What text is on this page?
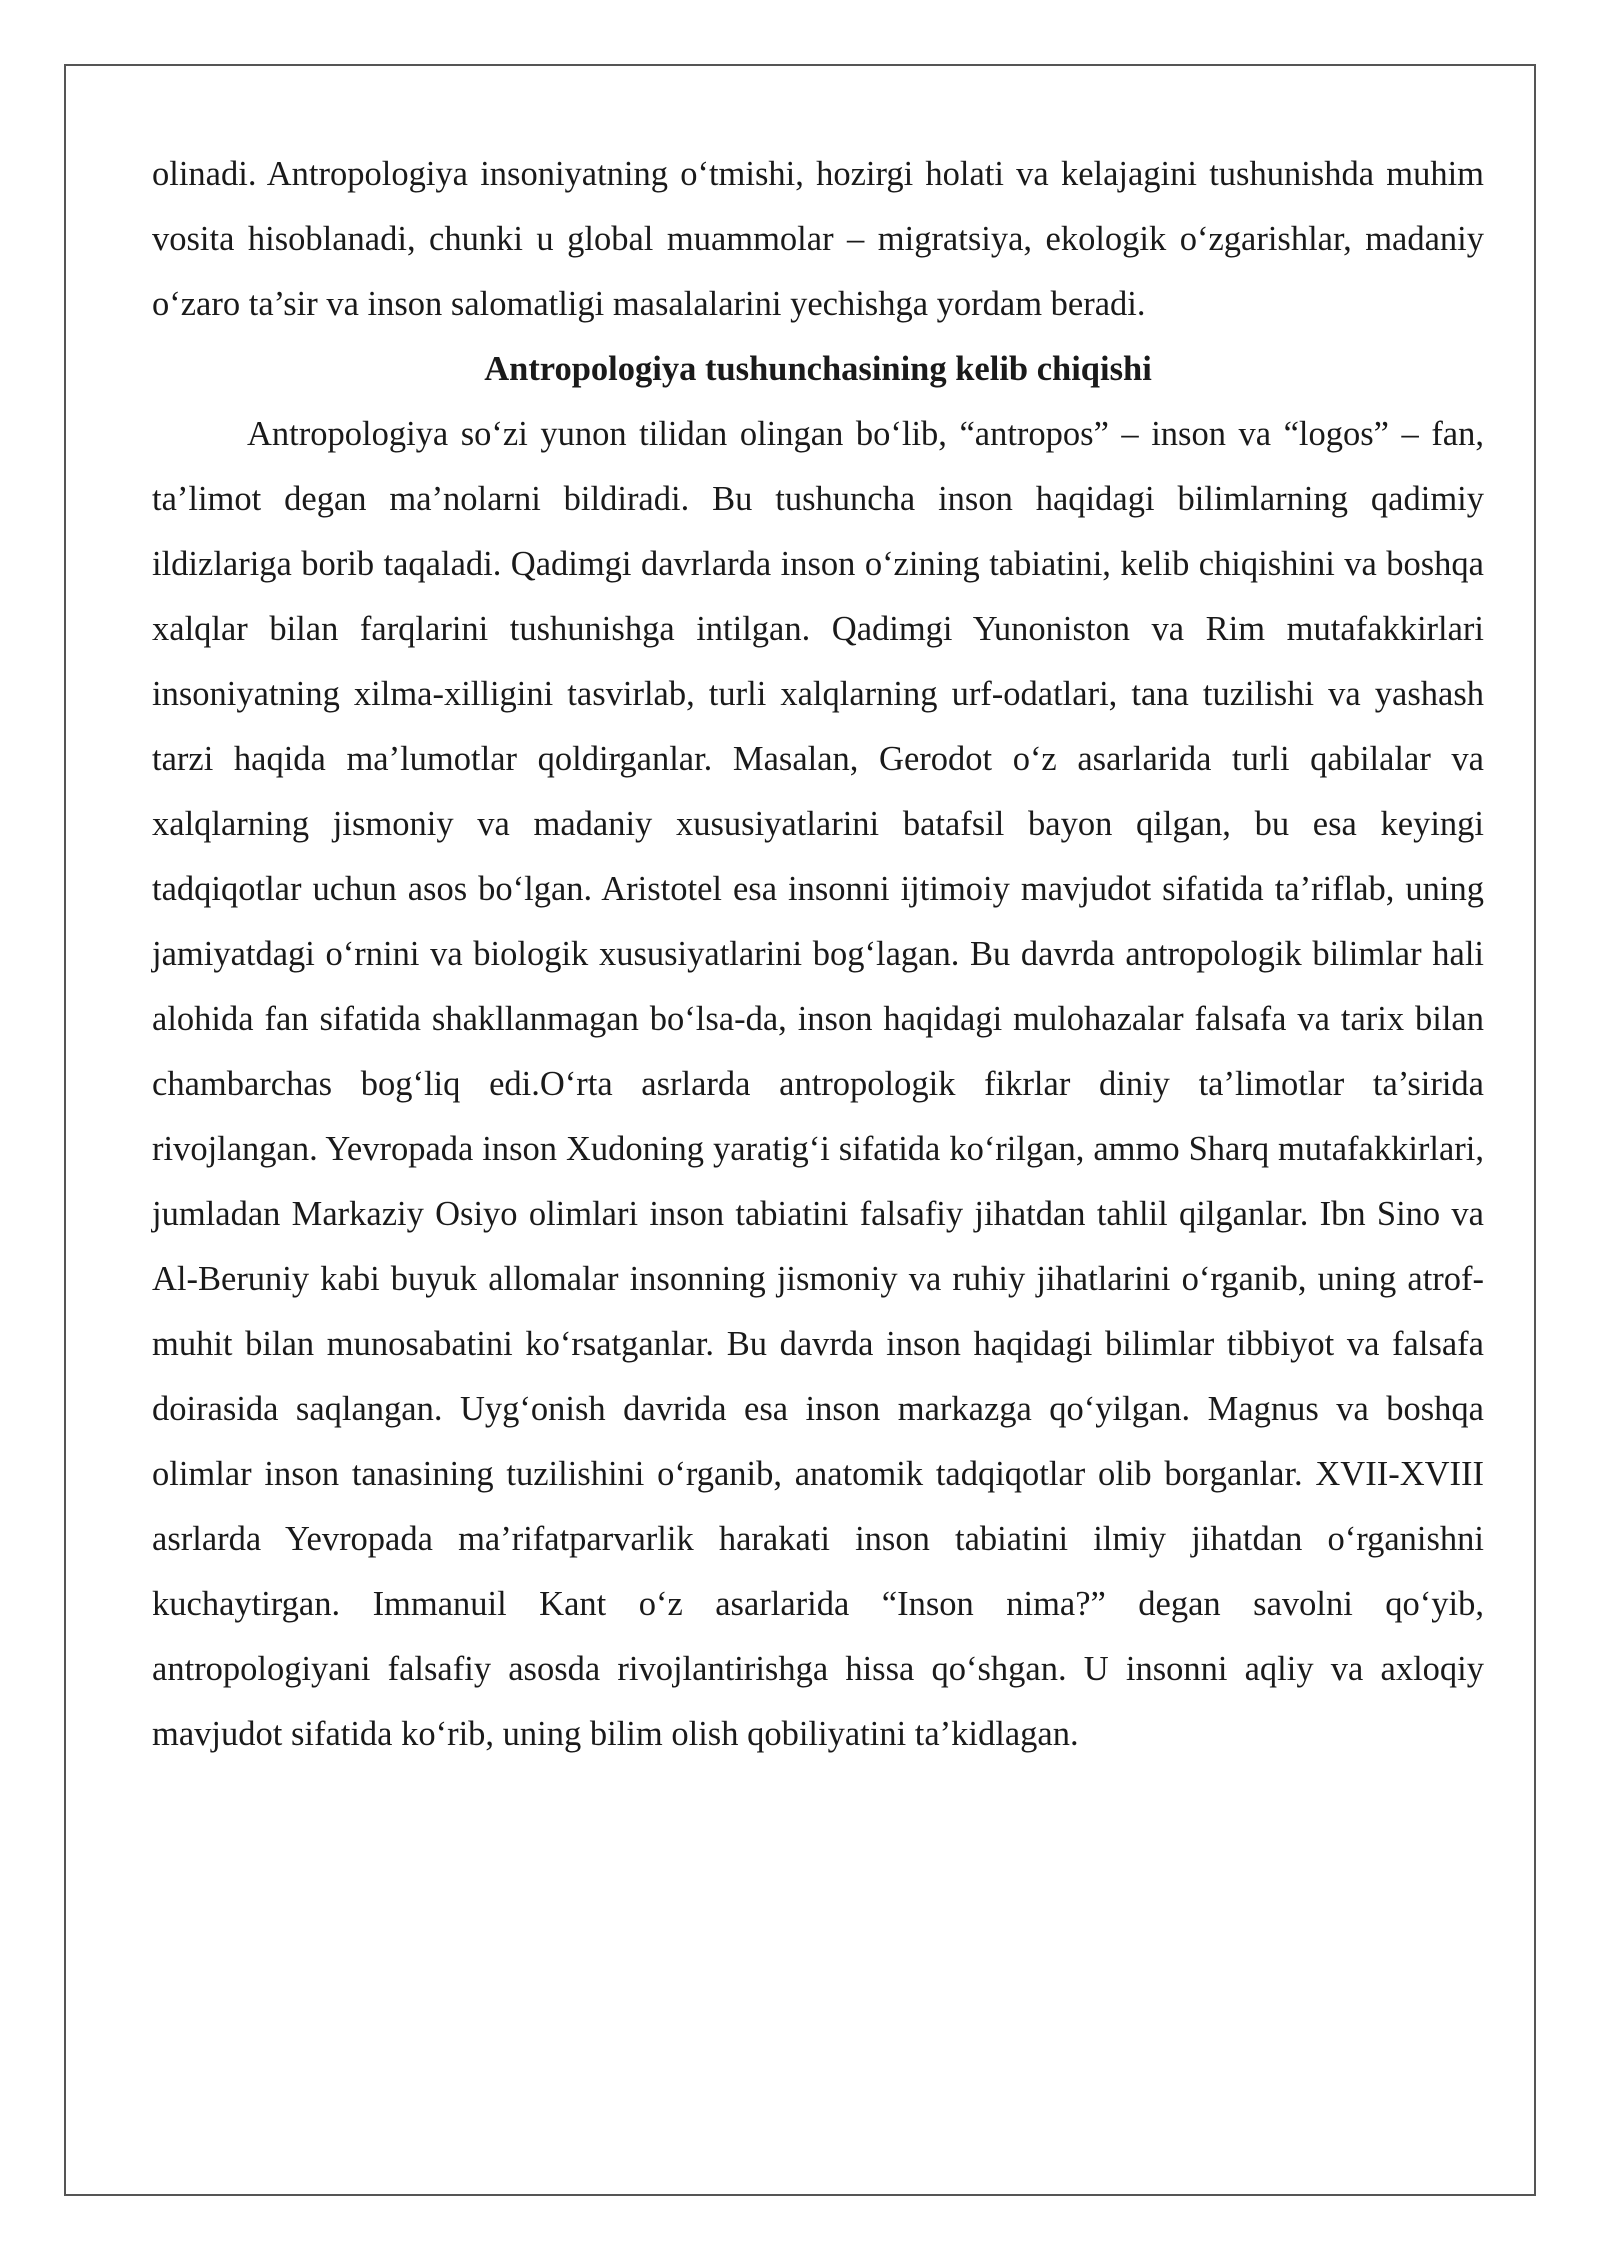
olinadi. Antropologiya insoniyatning o‘tmishi, hozirgi holati va kelajagini tushunishda muhim vosita hisoblanadi, chunki u global muammolar – migratsiya, ekologik o‘zgarishlar, madaniy o‘zaro ta’sir va inson salomatligi masalalarini yechishga yordam beradi.

Antropologiya tushunchasining kelib chiqishi

Antropologiya so‘zi yunon tilidan olingan bo‘lib, “antropos” – inson va “logos” – fan, ta’limot degan ma’nolarni bildiradi. Bu tushuncha inson haqidagi bilimlarning qadimiy ildizlariga borib taqaladi. Qadimgi davrlarda inson o‘zining tabiatini, kelib chiqishini va boshqa xalqlar bilan farqlarini tushunishga intilgan. Qadimgi Yunoniston va Rim mutafakkirlari insoniyatning xilma-xilligini tasvirlab, turli xalqlarning urf-odatlari, tana tuzilishi va yashash tarzi haqida ma’lumotlar qoldirganlar. Masalan, Gerodot o‘z asarlarida turli qabilalar va xalqlarning jismoniy va madaniy xususiyatlarini batafsil bayon qilgan, bu esa keyingi tadqiqotlar uchun asos bo‘lgan. Aristotel esa insonni ijtimoiy mavjudot sifatida ta’riflab, uning jamiyatdagi o‘rnini va biologik xususiyatlarini bog‘lagan. Bu davrda antropologik bilimlar hali alohida fan sifatida shakllanmagan bo‘lsa-da, inson haqidagi mulohazalar falsafa va tarix bilan chambarchas bog‘liq edi.O‘rta asrlarda antropologik fikrlar diniy ta’limotlar ta’sirida rivojlangan. Yevropada inson Xudoning yaratig‘i sifatida ko‘rilgan, ammo Sharq mutafakkirlari, jumladan Markaziy Osiyo olimlari inson tabiatini falsafiy jihatdan tahlil qilganlar. Ibn Sino va Al-Beruniy kabi buyuk allomalar insonning jismoniy va ruhiy jihatlarini o‘rganib, uning atrof-muhit bilan munosabatini ko‘rsatganlar. Bu davrda inson haqidagi bilimlar tibbiyot va falsafa doirasida saqlangan. Uyg‘onish davrida esa inson markazga qo‘yilgan. Magnus va boshqa olimlar inson tanasining tuzilishini o‘rganib, anatomik tadqiqotlar olib borganlar. XVII-XVIII asrlarda Yevropada ma’rifatparvarlik harakati inson tabiatini ilmiy jihatdan o‘rganishni kuchaytirgan. Immanuil Kant o‘z asarlarida “Inson nima?” degan savolni qo‘yib, antropologiyani falsafiy asosda rivojlantirishga hissa qo‘shgan. U insonni aqliy va axloqiy mavjudot sifatida ko‘rib, uning bilim olish qobiliyatini ta’kidlagan.
